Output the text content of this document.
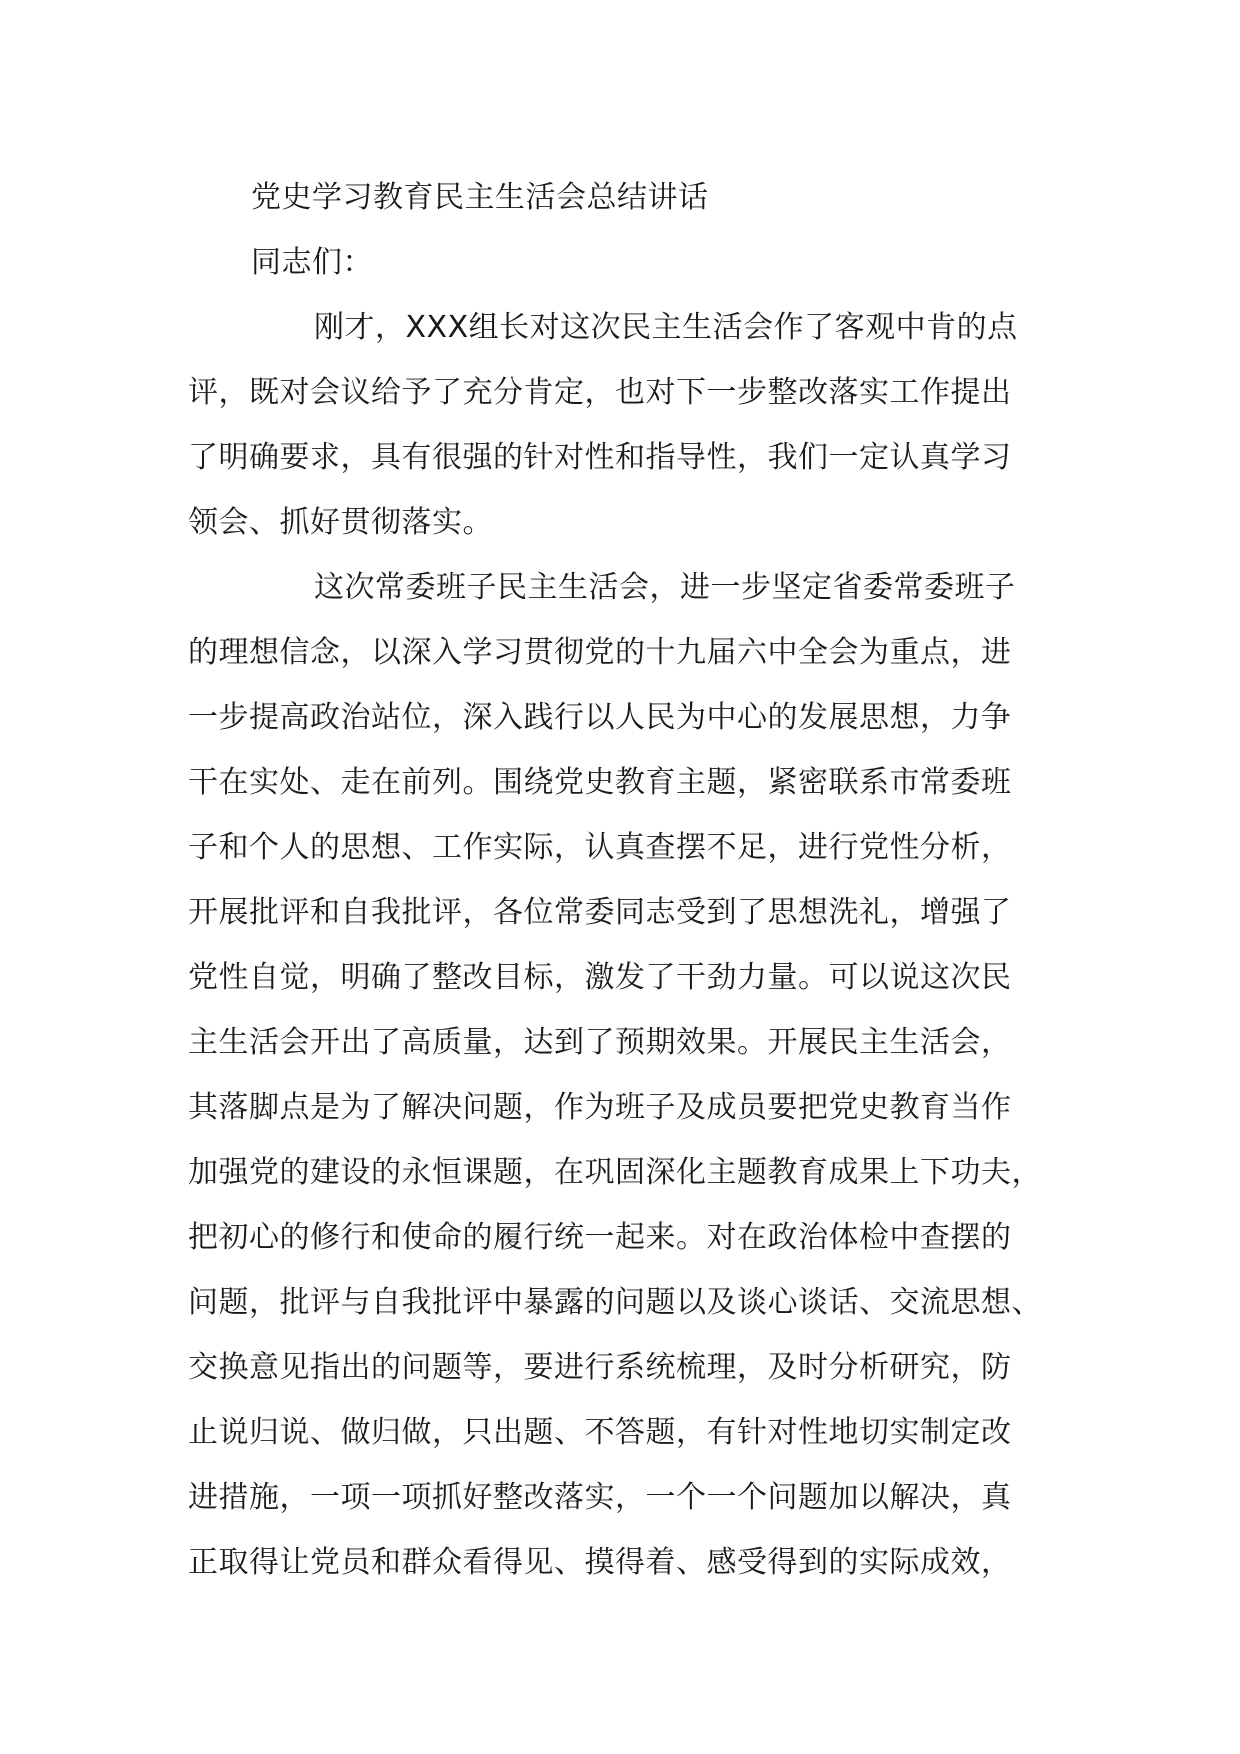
党史学习教育民主生活会总结讲话
同志们：
刚才，XXX组长对这次民主生活会作了客观中肯的点
评，既对会议给予了充分肯定，也对下一步整改落实工作提出
了明确要求，具有很强的针对性和指导性，我们一定认真学习
领会、抓好贯彻落实。
这次常委班子民主生活会，进一步坚定省委常委班子
的理想信念，以深入学习贯彻党的十九届六中全会为重点，进
一步提高政治站位，深入践行以人民为中心的发展思想，力争
干在实处、走在前列。围绕党史教育主题，紧密联系市常委班
子和个人的思想、工作实际，认真查摆不足，进行党性分析，
开展批评和自我批评，各位常委同志受到了思想洗礼，增强了
党性自觉，明确了整改目标，激发了干劲力量。可以说这次民
主生活会开出了高质量，达到了预期效果。开展民主生活会，
其落脚点是为了解决问题，作为班子及成员要把党史教育当作
加强党的建设的永恒课题，在巩固深化主题教育成果上下功夫，
把初心的修行和使命的履行统一起来。对在政治体检中查摆的
问题，批评与自我批评中暴露的问题以及谈心谈话、交流思想、
交换意见指出的问题等，要进行系统梳理，及时分析研究，防
止说归说、做归做，只出题、不答题，有针对性地切实制定改
进措施，一项一项抓好整改落实，一个一个问题加以解决，真
正取得让党员和群众看得见、摸得着、感受得到的实际成效，
